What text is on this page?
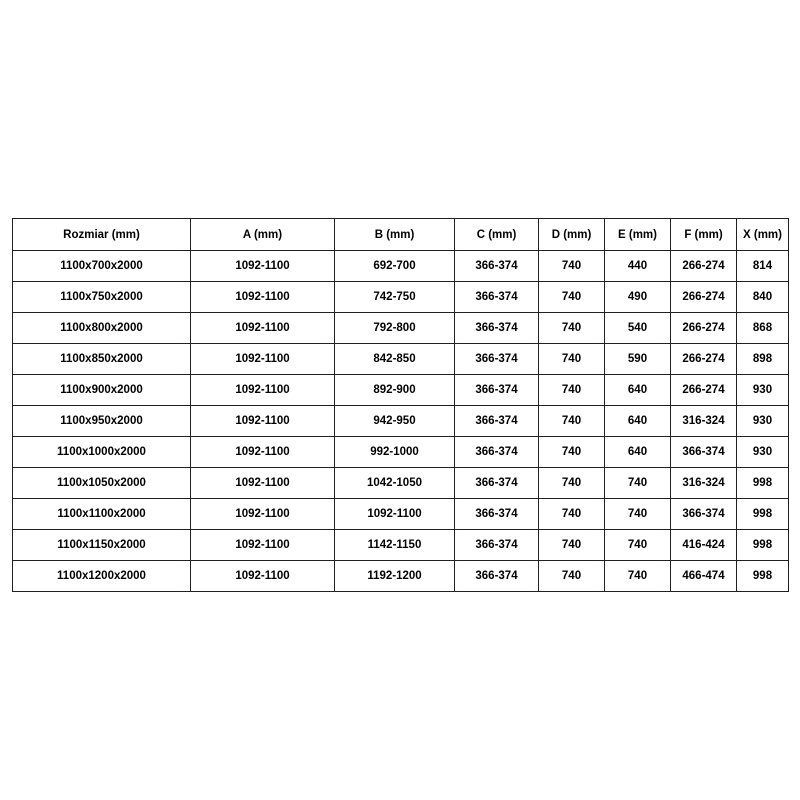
Rozmiar (mm)	A (mm)	B (mm)	C (mm)	D (mm)	E (mm)	F (mm)	X (mm)
1100x700x2000	1092-1100	692-700	366-374	740	440	266-274	814
1100x750x2000	1092-1100	742-750	366-374	740	490	266-274	840
1100x800x2000	1092-1100	792-800	366-374	740	540	266-274	868
1100x850x2000	1092-1100	842-850	366-374	740	590	266-274	898
1100x900x2000	1092-1100	892-900	366-374	740	640	266-274	930
1100x950x2000	1092-1100	942-950	366-374	740	640	316-324	930
1100x1000x2000	1092-1100	992-1000	366-374	740	640	366-374	930
1100x1050x2000	1092-1100	1042-1050	366-374	740	740	316-324	998
1100x1100x2000	1092-1100	1092-1100	366-374	740	740	366-374	998
1100x1150x2000	1092-1100	1142-1150	366-374	740	740	416-424	998
1100x1200x2000	1092-1100	1192-1200	366-374	740	740	466-474	998
